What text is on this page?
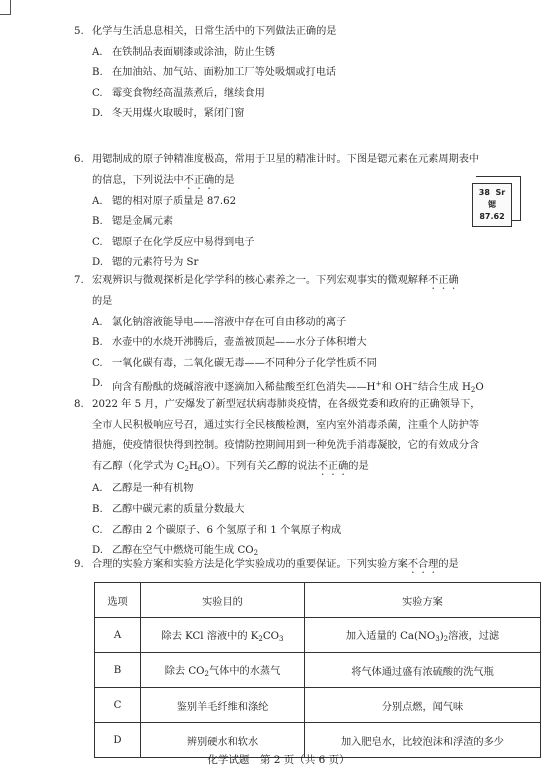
5. 化学与生活息息相关，日常生活中的下列做法正确的是
A. 在铁制品表面刷漆或涂油，防止生锈
B. 在加油站、加气站、面粉加工厂等处吸烟或打电话
C. 霉变食物经高温蒸煮后，继续食用
D. 冬天用煤火取暖时，紧闭门窗
6. 用锶制成的原子钟精准度极高，常用于卫星的精准计时。下图是锶元素在元素周期表中
的信息，下列说法中不正确的是
A. 锶的相对原子质量是 87.62
B. 锶是金属元素
C. 锶原子在化学反应中易得到电子
D. 锶的元素符号为 Sr
38 Sr
锶
87.62
7. 宏观辨识与微观探析是化学学科的核心素养之一。下列宏观事实的微观解释不正确
的是
A. 氯化钠溶液能导电——溶液中存在可自由移动的离子
B. 水壶中的水烧开沸腾后，壶盖被顶起——水分子体积增大
C. 一氧化碳有毒，二氧化碳无毒——不同种分子化学性质不同
D. 向含有酚酞的烧碱溶液中逐滴加入稀盐酸至红色消失——H+和 OH−结合生成 $H_2O$
8. 2022 年 5 月，广安爆发了新型冠状病毒肺炎疫情，在各级党委和政府的正确领导下，
全市人民积极响应号召，通过实行全民核酸检测，室内室外消毒杀菌，注重个人防护等
措施，使疫情很快得到控制。疫情防控期间用到一种免洗手消毒凝胶，它的有效成分含
有乙醇（化学式为 $C_2H_6O$）。下列有关乙醇的说法不正确的是
A. 乙醇是一种有机物
B. 乙醇中碳元素的质量分数最大
C. 乙醇由 2 个碳原子、6 个氢原子和 1 个氧原子构成
D. 乙醇在空气中燃烧可能生成 $CO_2$
9. 合理的实验方案和实验方法是化学实验成功的重要保证。下列实验方案不合理的是
选项	实验目的	实验方案
A	除去 KCl 溶液中的 $K_2CO_3$	加入适量的 $Ca(NO_3)_2$溶液，过滤
B	除去 $CO_2$气体中的水蒸气	将气体通过盛有浓硫酸的洗气瓶
C	鉴别羊毛纤维和涤纶	分别点燃，闻气味
D	辨别硬水和软水	加入肥皂水，比较泡沫和浮渣的多少
化学试题　第 2 页（共 6 页）
